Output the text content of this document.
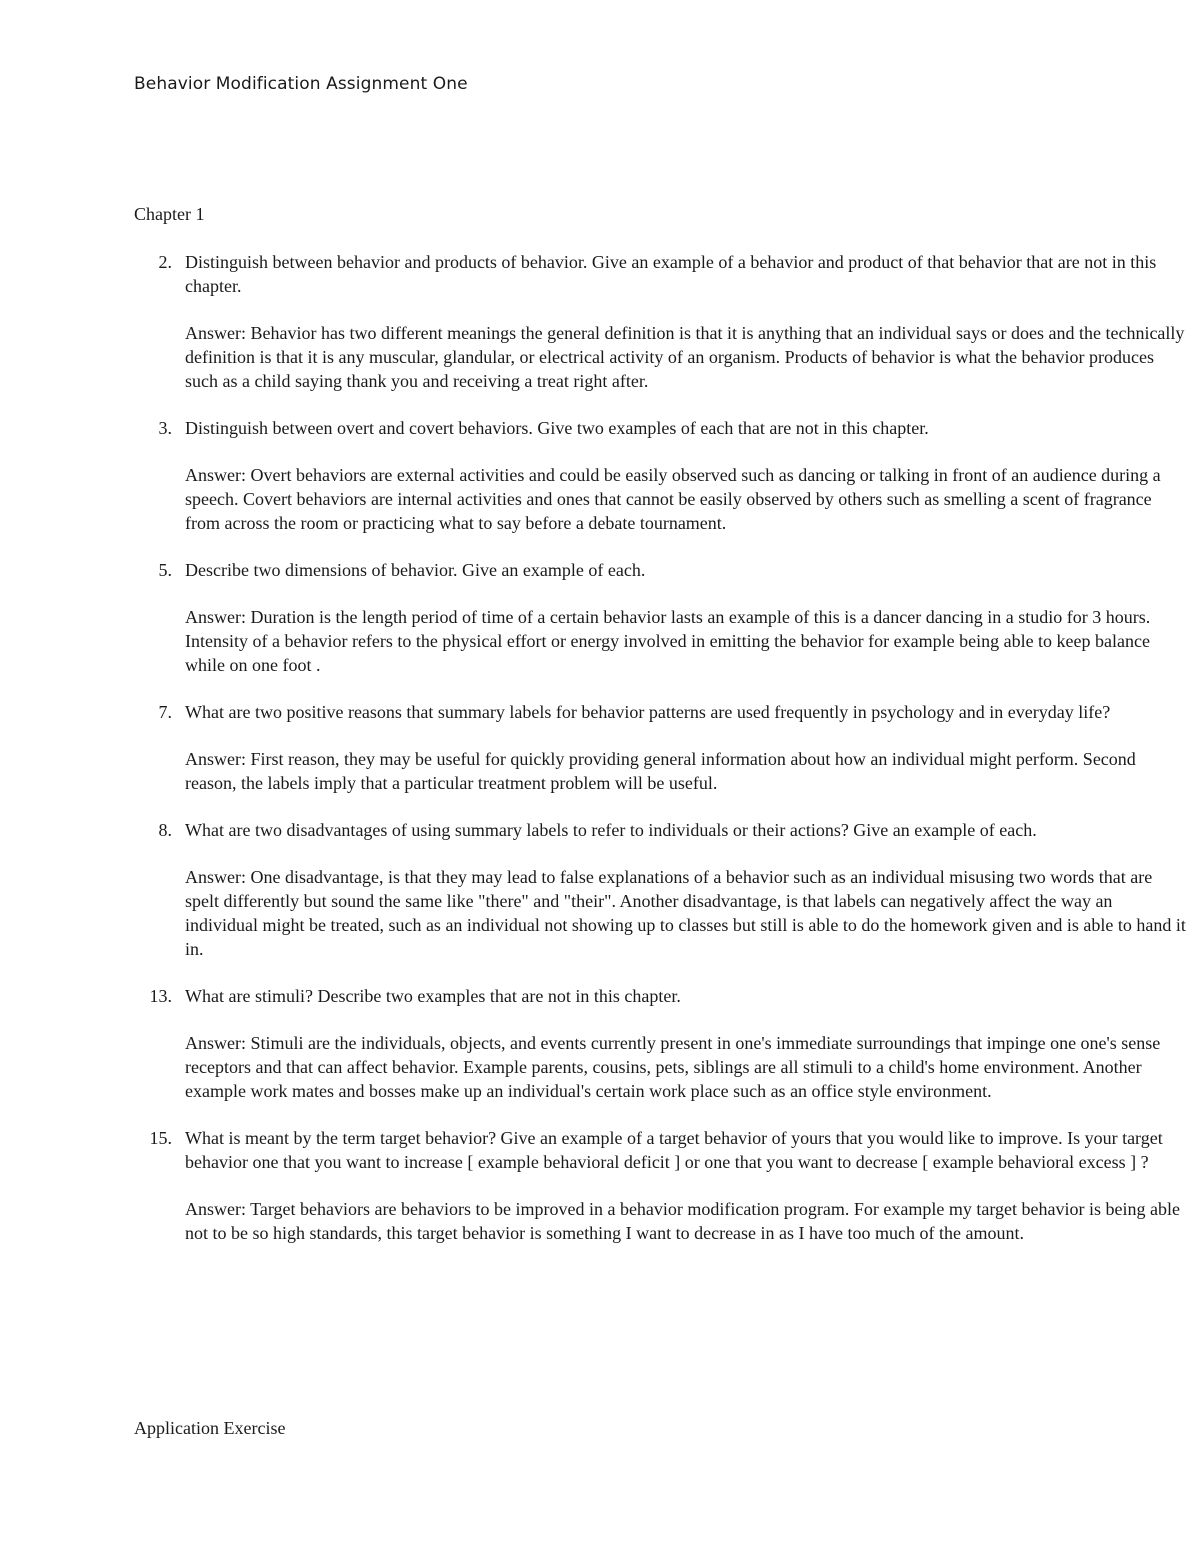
Behavior Modification Assignment One
Chapter 1
2. Distinguish between behavior and products of behavior. Give an example of a behavior and product of that behavior that are not in this chapter.
Answer: Behavior has two different meanings the general definition is that it is anything that an individual says or does and the technically definition is that it is any muscular, glandular, or electrical activity of an organism. Products of behavior is what the behavior produces such as a child saying thank you and receiving a treat right after.
3. Distinguish between overt and covert behaviors. Give two examples of each that are not in this chapter.
Answer: Overt behaviors are external activities and could be easily observed such as dancing or talking in front of an audience during a speech. Covert behaviors are internal activities and ones that cannot be easily observed by others such as smelling a scent of fragrance from across the room or practicing what to say before a debate tournament.
5. Describe two dimensions of behavior. Give an example of each.
Answer: Duration is the length period of time of a certain behavior lasts an example of this is a dancer dancing in a studio for 3 hours. Intensity of a behavior refers to the physical effort or energy involved in emitting the behavior for example being able to keep balance while on one foot .
7. What are two positive reasons that summary labels for behavior patterns are used frequently in psychology and in everyday life?
Answer: First reason, they may be useful for quickly providing general information about how an individual might perform. Second reason, the labels imply that a particular treatment problem will be useful.
8. What are two disadvantages of using summary labels to refer to individuals or their actions? Give an example of each.
Answer: One disadvantage, is that they may lead to false explanations of a behavior such as an individual misusing two words that are spelt differently but sound the same like "there" and "their". Another disadvantage, is that labels can negatively affect the way an individual might be treated, such as an individual not showing up to classes but still is able to do the homework given and is able to hand it in.
13. What are stimuli? Describe two examples that are not in this chapter.
Answer: Stimuli are the individuals, objects, and events currently present in one's immediate surroundings that impinge one one's sense receptors and that can affect behavior. Example parents, cousins, pets, siblings are all stimuli to a child's home environment. Another example work mates and bosses make up an individual's certain work place such as an office style environment.
15. What is meant by the term target behavior? Give an example of a target behavior of yours that you would like to improve. Is your target behavior one that you want to increase [ example behavioral deficit ] or one that you want to decrease [ example behavioral excess ] ?
Answer: Target behaviors are behaviors to be improved in a behavior modification program. For example my target behavior is being able not to be so high standards, this target behavior is something I want to decrease in as I have too much of the amount.
Application Exercise
